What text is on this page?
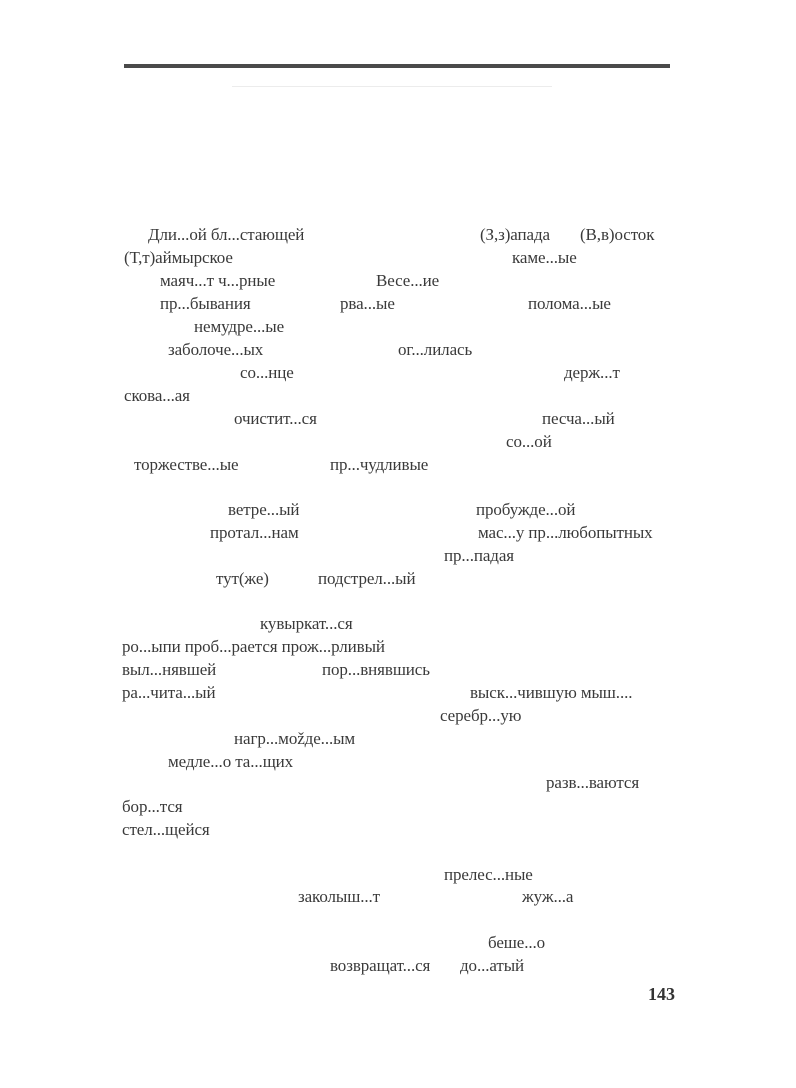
Дли...ой бл...стающей	(З,з)апада (В,в)осток
(Т,т)аймырское	каме...ые
маяч...т ч...рные	Весе...ие
пр...бывания	рва...ые	полома...ые
немудре...ые
заболоче...ых	ог...лилась
со...нце	держ...т
скова...ая
очистит...ся	песча...ый
со...ой
торжестве...ые	пр...чудливые
ветре...ый	пробужде...ой
протал...нам	мас...у пр...любопытных
пр...падая
тут(же)	подстрел...ый
кувыркат...ся
ро...ыпи проб...рается прож...рливый
выл...нявшей	пор...внявшись
ра...чита...ый	выск...чившую мыш....
серебр...ую
нагр...мožде...ым
медле...о та...щих
разв...ваются
бор...тся
стел...щейся
прелес...ные
заколыш...т	жуж...а
беше...о
возвращат...ся до...атый
143
